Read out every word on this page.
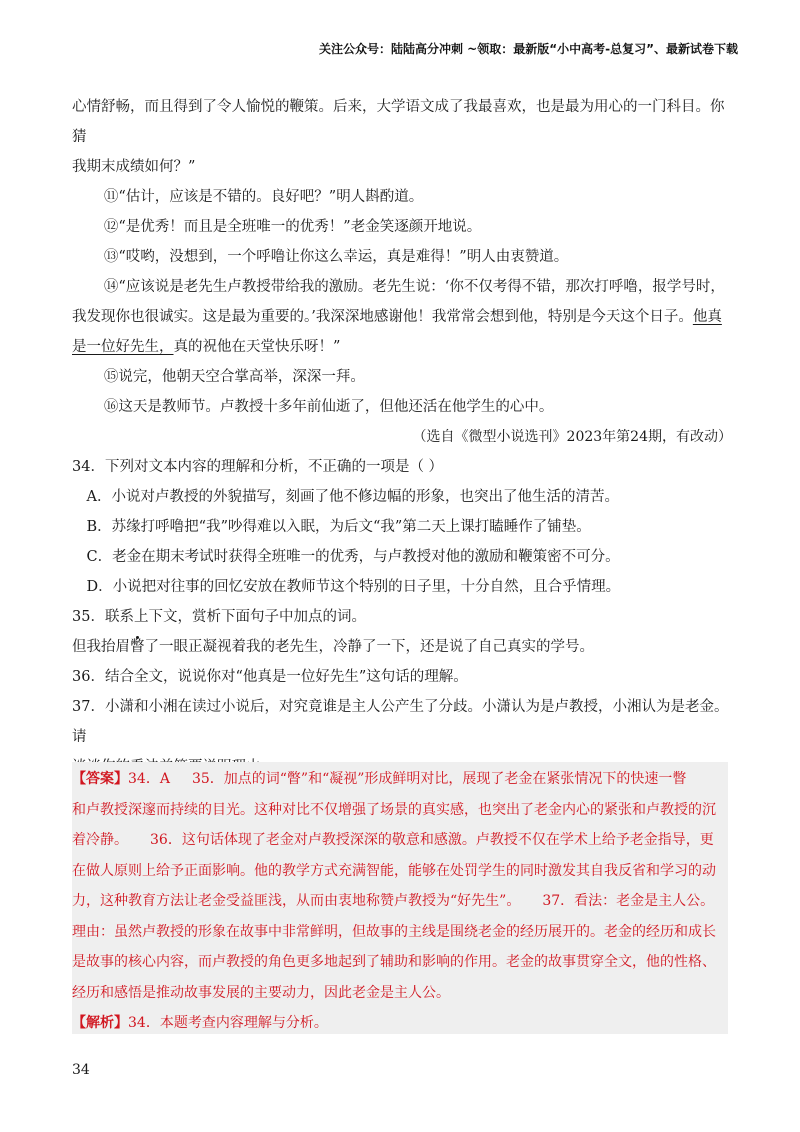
关注公众号：陆陆高分冲刺 ~领取：最新版“小中高考-总复习”、最新试卷下载

心情舒畅，而且得到了令人愉悦的鞭策。后来，大学语文成了我最喜欢，也是最为用心的一门科目。你猜

我期末成绩如何？”

⑪“估计，应该是不错的。良好吧？”明人斟酌道。

⑫“是优秀！而且是全班唯一的优秀！”老金笑逐颜开地说。

⑬“哎哟，没想到，一个呼噜让你这么幸运，真是难得！”明人由衷赞道。

⑭“应该说是老先生卢教授带给我的激励。老先生说：‘你不仅考得不错，那次打呼噜，报学号时，

我发现你也很诚实。这是最为重要的。’我深深地感谢他！我常常会想到他，特别是今天这个日子。他真

是一位好先生，真的祝他在天堂快乐呀！”

⑮说完，他朝天空合掌高举，深深一拜。

⑯这天是教师节。卢教授十多年前仙逝了，但他还活在他学生的心中。

（选自《微型小说选刊》2023年第24期，有改动）

34．下列对文本内容的理解和分析，不正确的一项是（ ）

A．小说对卢教授的外貌描写，刻画了他不修边幅的形象，也突出了他生活的清苦。

B．苏缘打呼噜把“我”吵得难以入眠，为后文“我”第二天上课打瞌睡作了铺垫。

C．老金在期末考试时获得全班唯一的优秀，与卢教授对他的激励和鞭策密不可分。

D．小说把对往事的回忆安放在教师节这个特别的日子里，十分自然，且合乎情理。

35．联系上下文，赏析下面句子中加点的词。

但我抬眉瞥了一眼正凝视着我的老先生，冷静了一下，还是说了自己真实的学号。

36．结合全文，说说你对“他真是一位好先生”这句话的理解。

37．小潇和小湘在读过小说后，对究竟谁是主人公产生了分歧。小潇认为是卢教授，小湘认为是老金。请

【答案】34．A 35．加点的词“瞥”和“凝视”形成鲜明对比，展现了老金在紧张情况下的快速一瞥

和卢教授深邃而持续的目光。这种对比不仅增强了场景的真实感，也突出了老金内心的紧张和卢教授的沉

着冷静。 36．这句话体现了老金对卢教授深深的敬意和感激。卢教授不仅在学术上给予老金指导，更

在做人原则上给予正面影响。他的教学方式充满智能，能够在处罚学生的同时激发其自我反省和学习的动

力，这种教育方法让老金受益匪浅，从而由衷地称赞卢教授为“好先生”。 37．看法：老金是主人公。

理由：虽然卢教授的形象在故事中非常鲜明，但故事的主线是围绕老金的经历展开的。老金的经历和成长

是故事的核心内容，而卢教授的角色更多地起到了辅助和影响的作用。老金的故事贯穿全文，他的性格、

经历和感悟是推动故事发展的主要动力，因此老金是主人公。

【解析】34．本题考查内容理解与分析。

34
